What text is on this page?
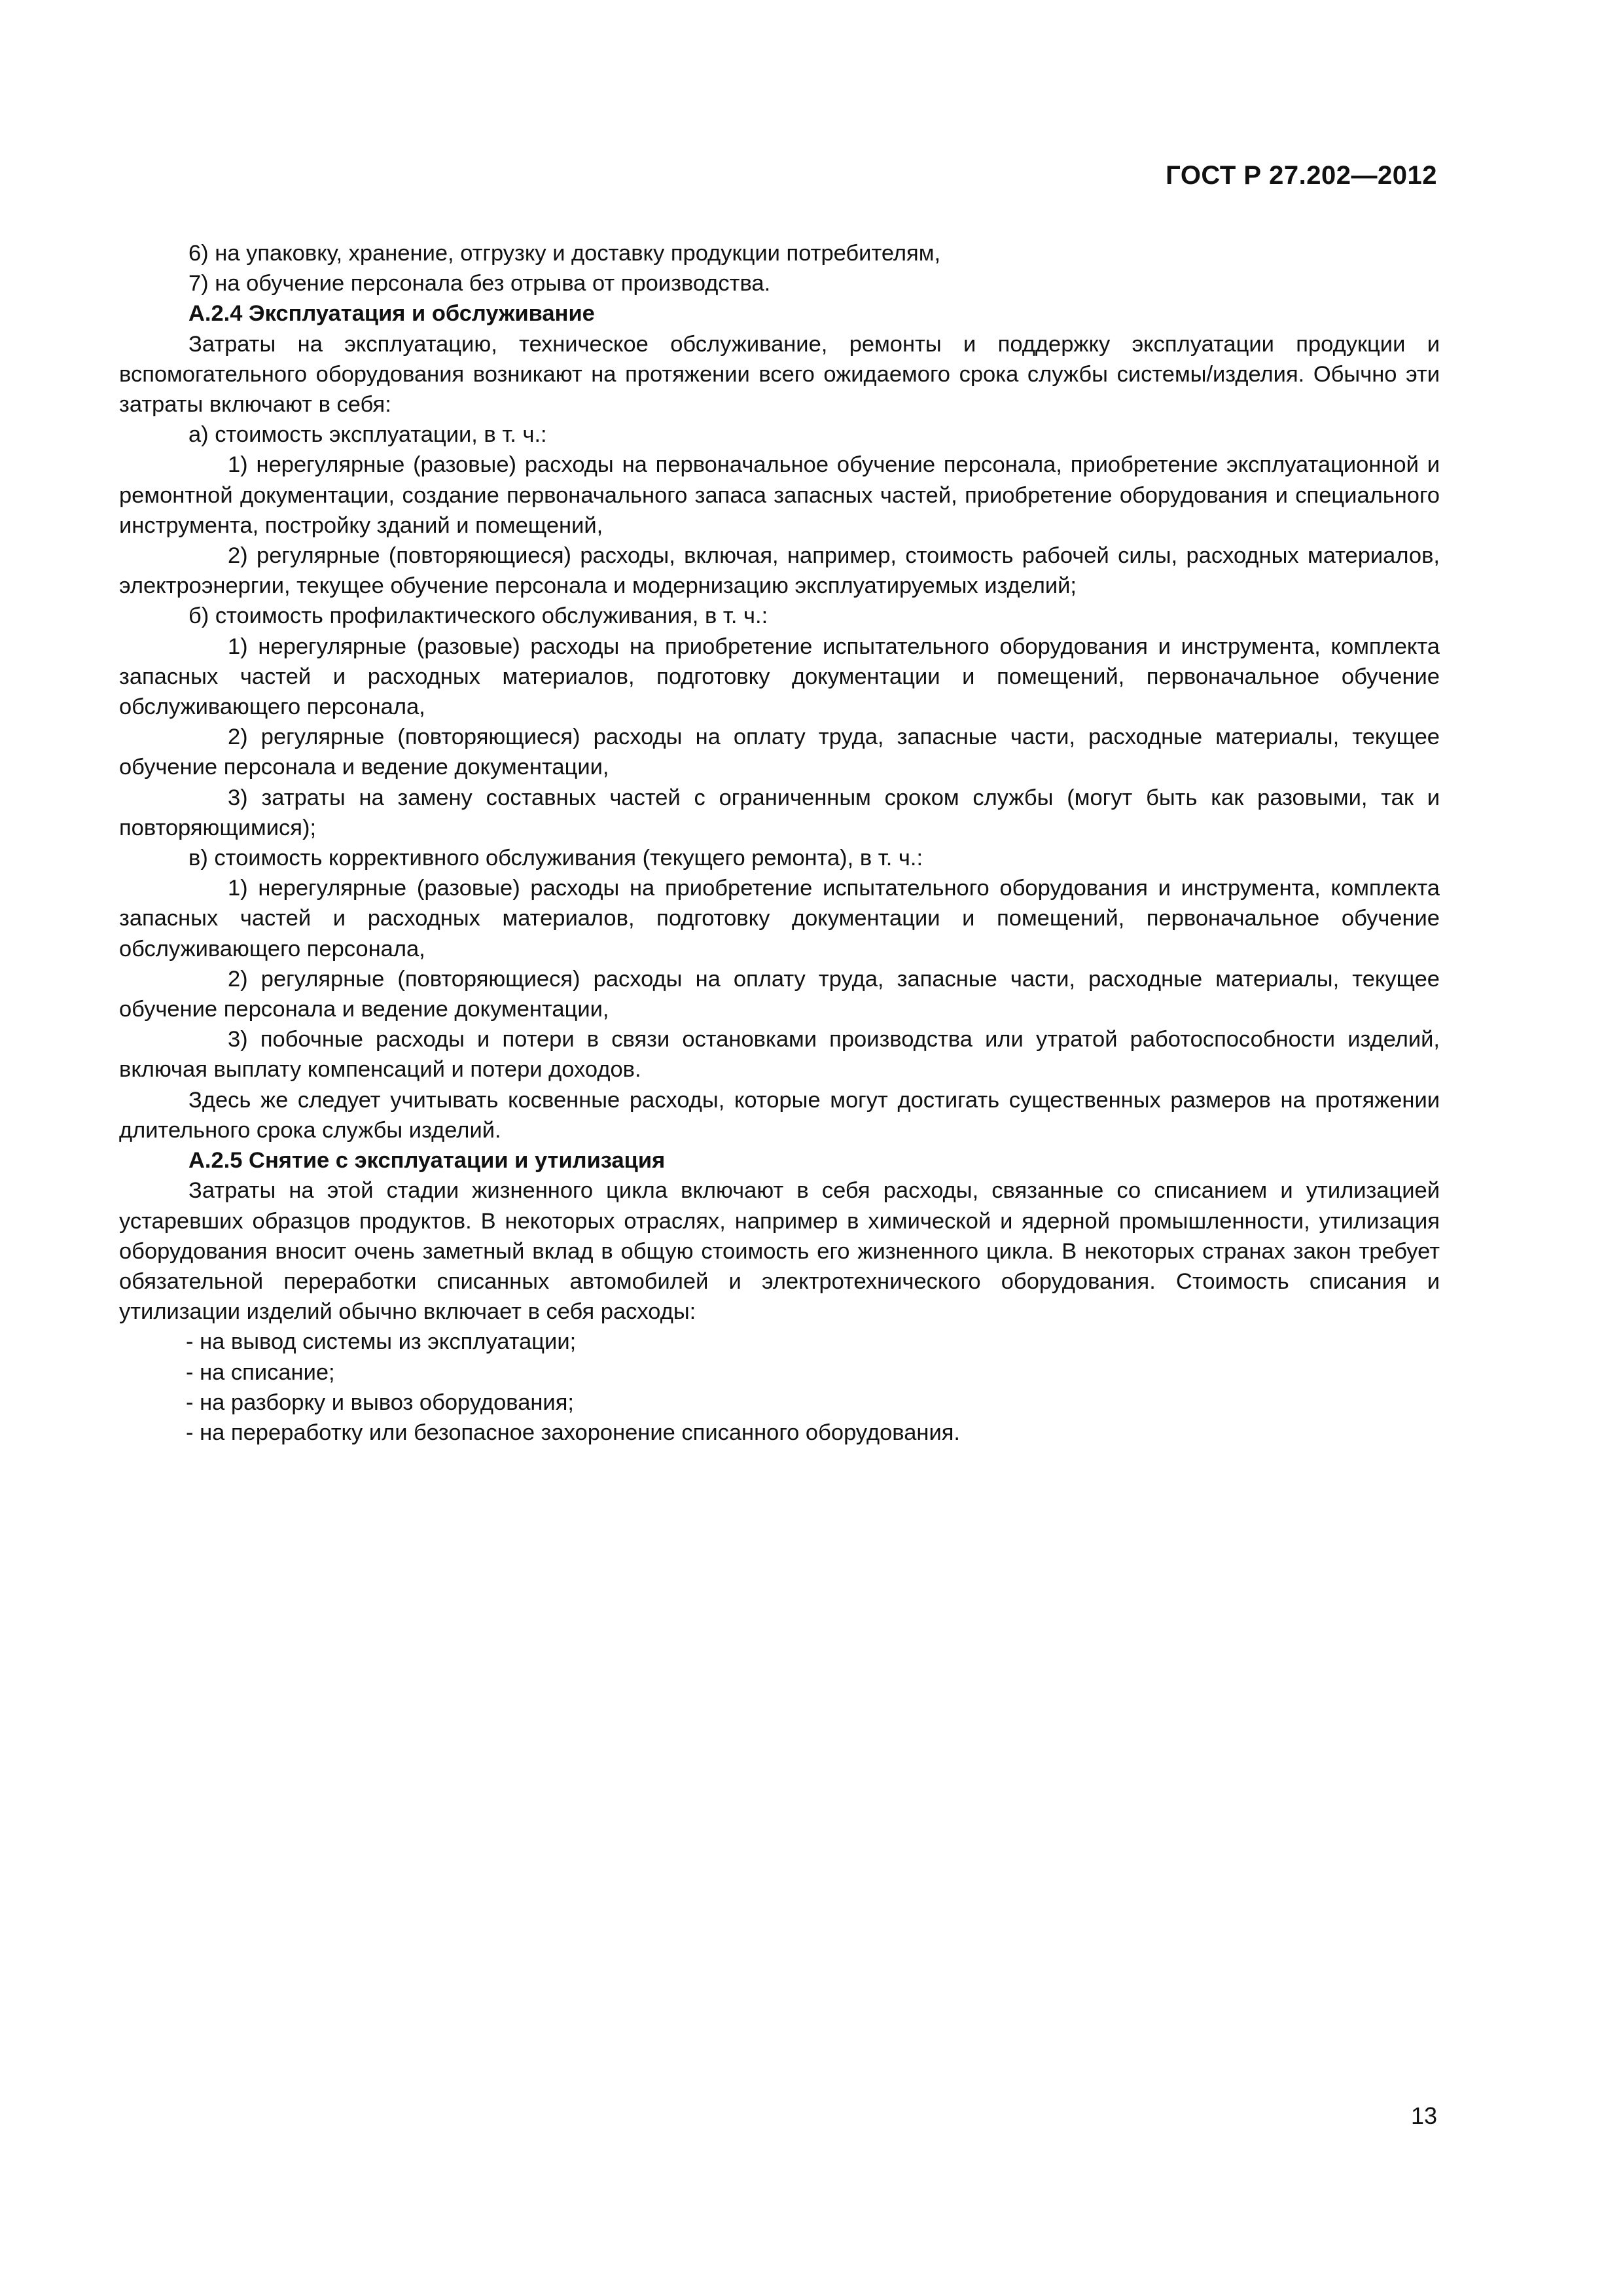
ГОСТ Р 27.202—2012

6) на упаковку, хранение, отгрузку и доставку продукции потребителям,

7) на обучение персонала без отрыва от производства.

А.2.4 Эксплуатация и обслуживание

Затраты на эксплуатацию, техническое обслуживание, ремонты и поддержку эксплуатации продукции и вспомогательного оборудования возникают на протяжении всего ожидаемого срока службы системы/изделия. Обычно эти затраты включают в себя:

а) стоимость эксплуатации, в т. ч.:

1) нерегулярные (разовые) расходы на первоначальное обучение персонала, приобретение эксплуатационной и ремонтной документации, создание первоначального запаса запасных частей, приобретение оборудования и специального инструмента, постройку зданий и помещений,

2) регулярные (повторяющиеся) расходы, включая, например, стоимость рабочей силы, расходных материалов, электроэнергии, текущее обучение персонала и модернизацию эксплуатируемых изделий;

б) стоимость профилактического обслуживания, в т. ч.:

1) нерегулярные (разовые) расходы на приобретение испытательного оборудования и инструмента, комплекта запасных частей и расходных материалов, подготовку документации и помещений, первоначальное обучение обслуживающего персонала,

2) регулярные (повторяющиеся) расходы на оплату труда, запасные части, расходные материалы, текущее обучение персонала и ведение документации,

3) затраты на замену составных частей с ограниченным сроком службы (могут быть как разовыми, так и повторяющимися);

в) стоимость коррективного обслуживания (текущего ремонта), в т. ч.:

1) нерегулярные (разовые) расходы на приобретение испытательного оборудования и инструмента, комплекта запасных частей и расходных материалов, подготовку документации и помещений, первоначальное обучение обслуживающего персонала,

2) регулярные (повторяющиеся) расходы на оплату труда, запасные части, расходные материалы, текущее обучение персонала и ведение документации,

3) побочные расходы и потери в связи остановками производства или утратой работоспособности изделий, включая выплату компенсаций и потери доходов.

Здесь же следует учитывать косвенные расходы, которые могут достигать существенных размеров на протяжении длительного срока службы изделий.

А.2.5 Снятие с эксплуатации и утилизация

Затраты на этой стадии жизненного цикла включают в себя расходы, связанные со списанием и утилизацией устаревших образцов продуктов. В некоторых отраслях, например в химической и ядерной промышленности, утилизация оборудования вносит очень заметный вклад в общую стоимость его жизненного цикла. В некоторых странах закон требует обязательной переработки списанных автомобилей и электротехнического оборудования. Стоимость списания и утилизации изделий обычно включает в себя расходы:

- на вывод системы из эксплуатации;

- на списание;

- на разборку и вывоз оборудования;

- на переработку или безопасное захоронение списанного оборудования.

13
